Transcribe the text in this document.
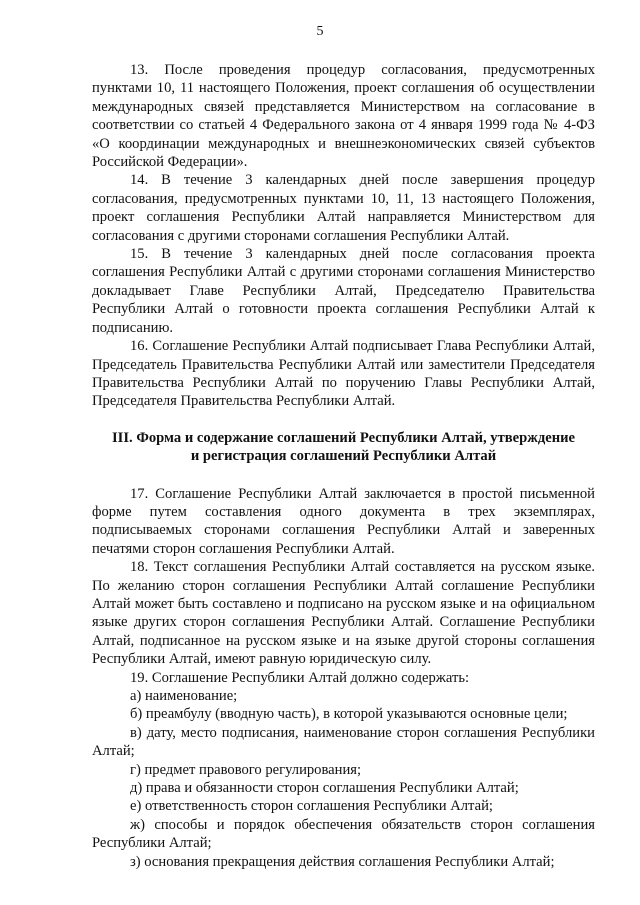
5

13. После проведения процедур согласования, предусмотренных пунктами 10, 11 настоящего Положения, проект соглашения об осуществлении международных связей представляется Министерством на согласование в соответствии со статьей 4 Федерального закона от 4 января 1999 года № 4-ФЗ «О координации международных и внешнеэкономических связей субъектов Российской Федерации».

14. В течение 3 календарных дней после завершения процедур согласования, предусмотренных пунктами 10, 11, 13 настоящего Положения, проект соглашения Республики Алтай направляется Министерством для согласования с другими сторонами соглашения Республики Алтай.

15. В течение 3 календарных дней после согласования проекта соглашения Республики Алтай с другими сторонами соглашения Министерство докладывает Главе Республики Алтай, Председателю Правительства Республики Алтай о готовности проекта соглашения Республики Алтай к подписанию.

16. Соглашение Республики Алтай подписывает Глава Республики Алтай, Председатель Правительства Республики Алтай или заместители Председателя Правительства Республики Алтай по поручению Главы Республики Алтай, Председателя Правительства Республики Алтай.

III. Форма и содержание соглашений Республики Алтай, утверждение
и регистрация соглашений Республики Алтай

17. Соглашение Республики Алтай заключается в простой письменной форме путем составления одного документа в трех экземплярах, подписываемых сторонами соглашения Республики Алтай и заверенных печатями сторон соглашения Республики Алтай.

18. Текст соглашения Республики Алтай составляется на русском языке. По желанию сторон соглашения Республики Алтай соглашение Республики Алтай может быть составлено и подписано на русском языке и на официальном языке других сторон соглашения Республики Алтай. Соглашение Республики Алтай, подписанное на русском языке и на языке другой стороны соглашения Республики Алтай, имеют равную юридическую силу.

19. Соглашение Республики Алтай должно содержать:

а) наименование;

б) преамбулу (вводную часть), в которой указываются основные цели;

в) дату, место подписания, наименование сторон соглашения Республики Алтай;

г) предмет правового регулирования;

д) права и обязанности сторон соглашения Республики Алтай;

е) ответственность сторон соглашения Республики Алтай;

ж) способы и порядок обеспечения обязательств сторон соглашения Республики Алтай;

з) основания прекращения действия соглашения Республики Алтай;
